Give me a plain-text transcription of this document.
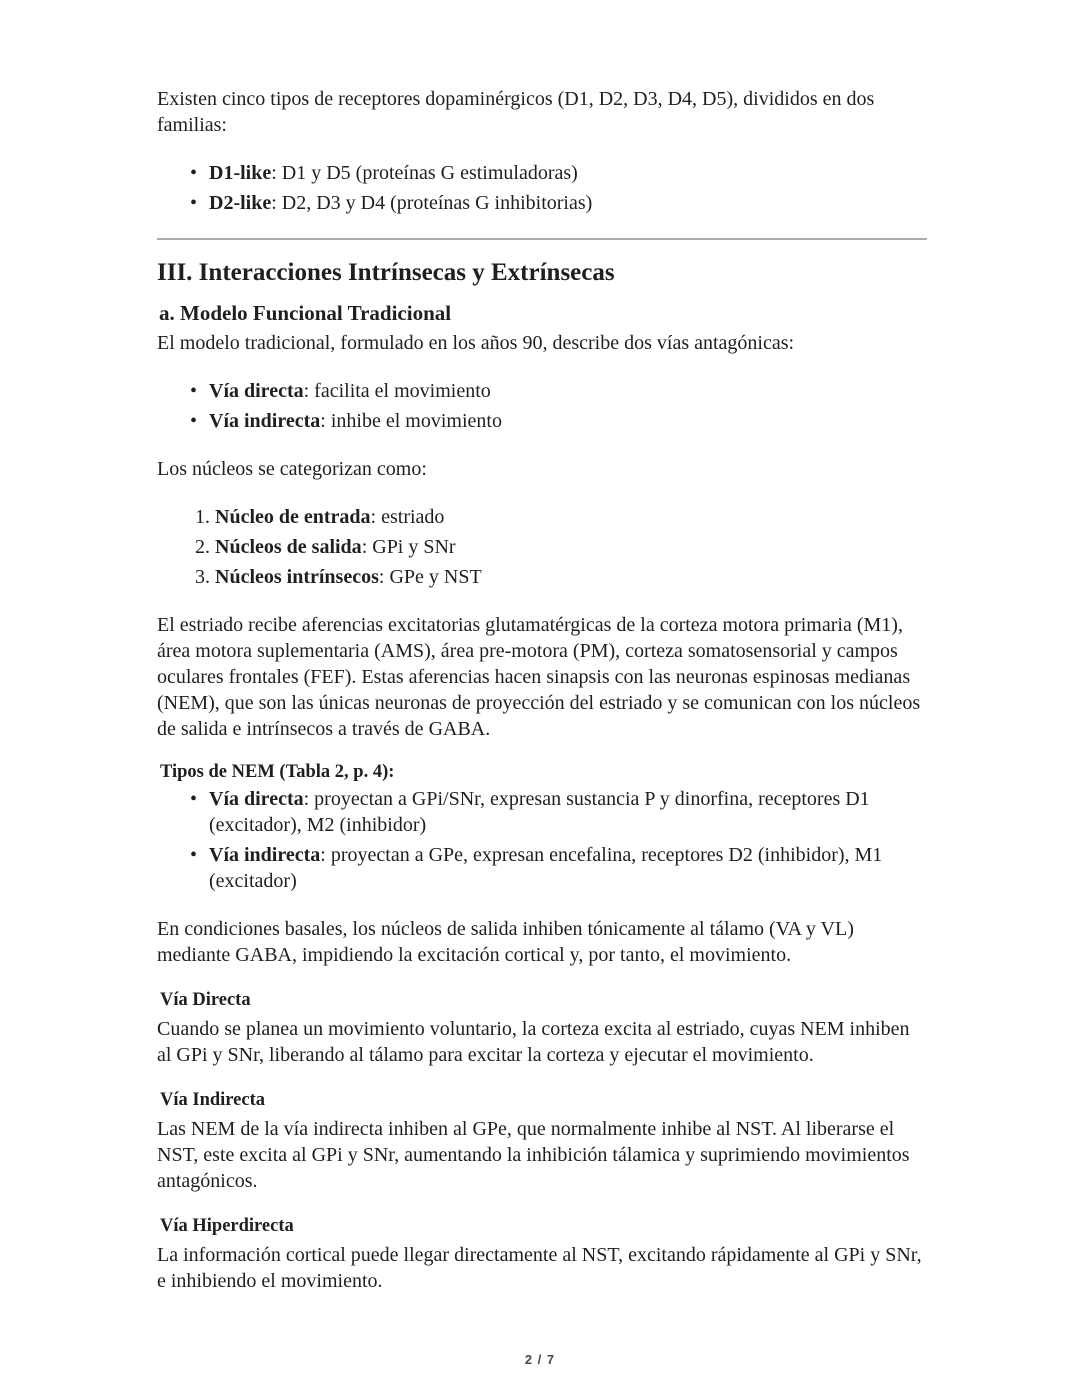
Existen cinco tipos de receptores dopaminérgicos (D1, D2, D3, D4, D5), divididos en dos familias:

• D1-like: D1 y D5 (proteínas G estimuladoras)
• D2-like: D2, D3 y D4 (proteínas G inhibitorias)
III. Interacciones Intrínsecas y Extrínsecas
a. Modelo Funcional Tradicional

El modelo tradicional, formulado en los años 90, describe dos vías antagónicas:

• Vía directa: facilita el movimiento
• Vía indirecta: inhibe el movimiento

Los núcleos se categorizan como:

1. Núcleo de entrada: estriado
2. Núcleos de salida: GPi y SNr
3. Núcleos intrínsecos: GPe y NST

El estriado recibe aferencias excitatorias glutamatérgicas de la corteza motora primaria (M1), área motora suplementaria (AMS), área pre-motora (PM), corteza somatosensorial y campos oculares frontales (FEF). Estas aferencias hacen sinapsis con las neuronas espinosas medianas (NEM), que son las únicas neuronas de proyección del estriado y se comunican con los núcleos de salida e intrínsecos a través de GABA.

Tipos de NEM (Tabla 2, p. 4):
• Vía directa: proyectan a GPi/SNr, expresan sustancia P y dinorfina, receptores D1 (excitador), M2 (inhibidor)
• Vía indirecta: proyectan a GPe, expresan encefalina, receptores D2 (inhibidor), M1 (excitador)

En condiciones basales, los núcleos de salida inhiben tónicamente al tálamo (VA y VL) mediante GABA, impidiendo la excitación cortical y, por tanto, el movimiento.

Vía Directa

Cuando se planea un movimiento voluntario, la corteza excita al estriado, cuyas NEM inhiben al GPi y SNr, liberando al tálamo para excitar la corteza y ejecutar el movimiento.

Vía Indirecta

Las NEM de la vía indirecta inhiben al GPe, que normalmente inhibe al NST. Al liberarse el NST, este excita al GPi y SNr, aumentando la inhibición tálamica y suprimiendo movimientos antagónicos.

Vía Hiperdirecta

La información cortical puede llegar directamente al NST, excitando rápidamente al GPi y SNr, e inhibiendo el movimiento.

2 / 7
